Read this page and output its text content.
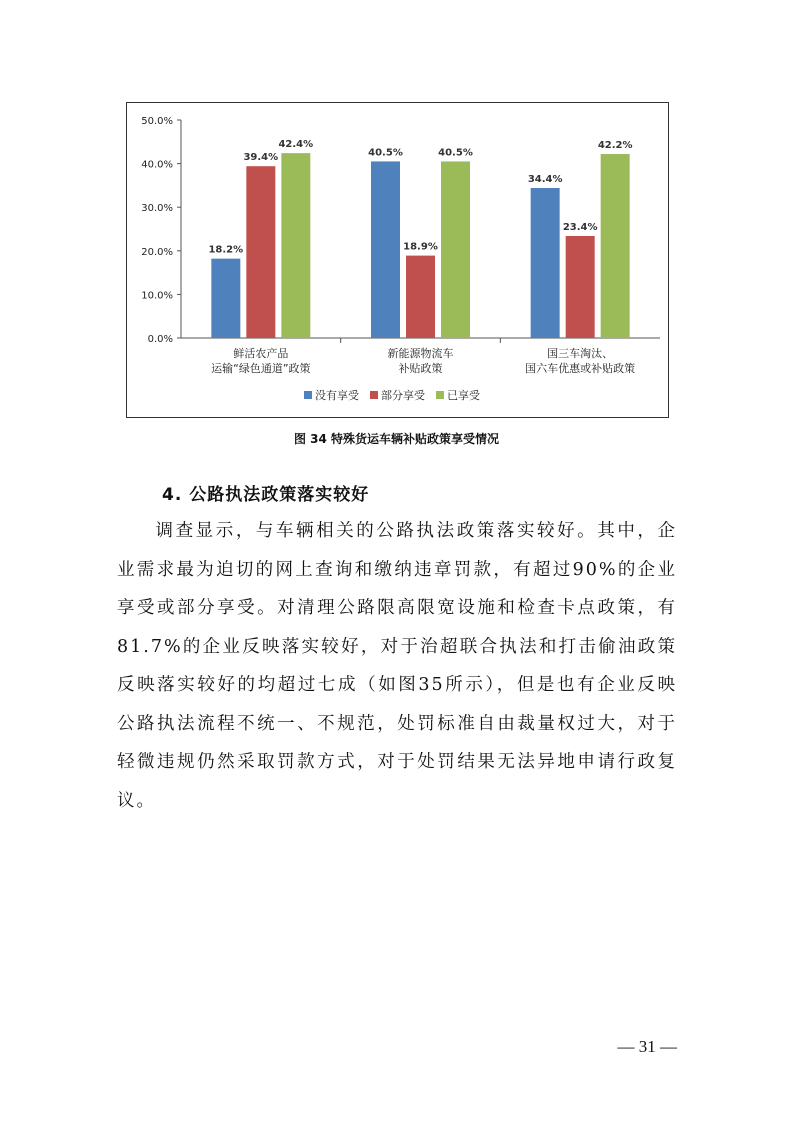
0.0%
10.0%
20.0%
30.0%
40.0%
50.0%
18.2%
39.4%
42.4%
鲜活农产品
运输“绿色通道”政策
40.5%
18.9%
40.5%
新能源物流车
补贴政策
34.4%
23.4%
42.2%
国三车淘汰、
国六车优惠或补贴政策
没有享受 部分享受 已享受
图 34 特殊货运车辆补贴政策享受情况
4. 公路执法政策落实较好

调查显示，与车辆相关的公路执法政策落实较好。其中，企业需求最为迫切的网上查询和缴纳违章罚款，有超过90%的企业享受或部分享受。对清理公路限高限宽设施和检查卡点政策，有81.7%的企业反映落实较好，对于治超联合执法和打击偷油政策反映落实较好的均超过七成（如图35所示），但是也有企业反映公路执法流程不统一、不规范，处罚标准自由裁量权过大，对于轻微违规仍然采取罚款方式，对于处罚结果无法异地申请行政复议。

— 31 —
